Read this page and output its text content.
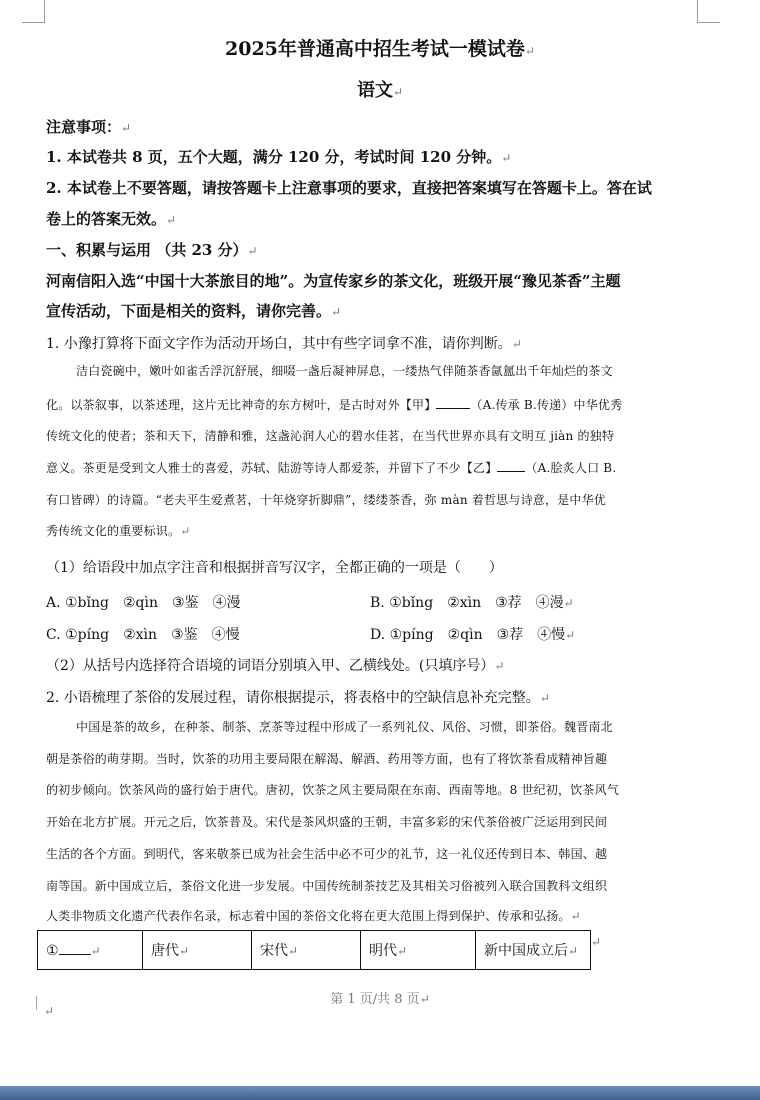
2025年普通高中招生考试一模试卷↵
语文↵
注意事项：↵
1. 本试卷共 8 页，五个大题，满分 120 分，考试时间 120 分钟。↵
2. 本试卷上不要答题，请按答题卡上注意事项的要求，直接把答案填写在答题卡上。答在试
卷上的答案无效。↵
一、积累与运用 （共 23 分）↵
河南信阳入选“中国十大茶旅目的地”。为宣传家乡的茶文化，班级开展“豫见茶香”主题
宣传活动，下面是相关的资料，请你完善。↵
1. 小豫打算将下面文字作为活动开场白，其中有些字词拿不准，请你判断。↵
洁白瓷碗中，嫩叶如雀舌浮沉舒展，细啜一盏后凝神屏息，一缕热气伴随茶香氤氲出千年灿烂的茶文
化。以茶叙事，以茶述理，这片无比神奇的东方树叶，是古时对外【甲】	（A.传承 B.传递）中华优秀
传统文化的使者；茶和天下，清静和雅，这盏沁润人心的碧水佳茗，在当代世界亦具有文明互 jiàn 的独特
意义。茶更是受到文人雅士的喜爱，苏轼、陆游等诗人都爱茶，并留下了不少【乙】 （A.脍炙人口 B.
有口皆碑）的诗篇。“老夫平生爱煮茗，十年烧穿折脚鼎”，缕缕茶香，弥 màn 着哲思与诗意，是中华优
秀传统文化的重要标识。↵
（1）给语段中加点字注音和根据拼音写汉字，全都正确的一项是（　　）
A. ①bǐng　②qìn　③鉴　④漫	B. ①bǐng　②xìn　③荐　④漫↵
C. ①píng　②xìn　③鉴　④慢	D. ①píng　②qìn　③荐　④慢↵
（2）从括号内选择符合语境的词语分别填入甲、乙横线处。(只填序号）↵
2. 小语梳理了茶俗的发展过程，请你根据提示，将表格中的空缺信息补充完整。↵
中国是茶的故乡，在种茶、制茶、烹茶等过程中形成了一系列礼仪、风俗、习惯，即茶俗。魏晋南北
朝是茶俗的萌芽期。当时，饮茶的功用主要局限在解渴、解酒、药用等方面，也有了将饮茶看成精神旨趣
的初步倾向。饮茶风尚的盛行始于唐代。唐初，饮茶之风主要局限在东南、西南等地。8 世纪初，饮茶风气
开始在北方扩展。开元之后，饮茶普及。宋代是茶风炽盛的王朝，丰富多彩的宋代茶俗被广泛运用到民间
生活的各个方面。到明代，客来敬茶已成为社会生活中必不可少的礼节，这一礼仪还传到日本、韩国、越
南等国。新中国成立后，茶俗文化进一步发展。中国传统制茶技艺及其相关习俗被列入联合国教科文组织
人类非物质文化遗产代表作名录，标志着中国的茶俗文化将在更大范围上得到保护、传承和弘扬。↵
①	↵	唐代↵	宋代↵	明代↵	新中国成立后↵
↵
第 1 页/共 8 页↵
↵
